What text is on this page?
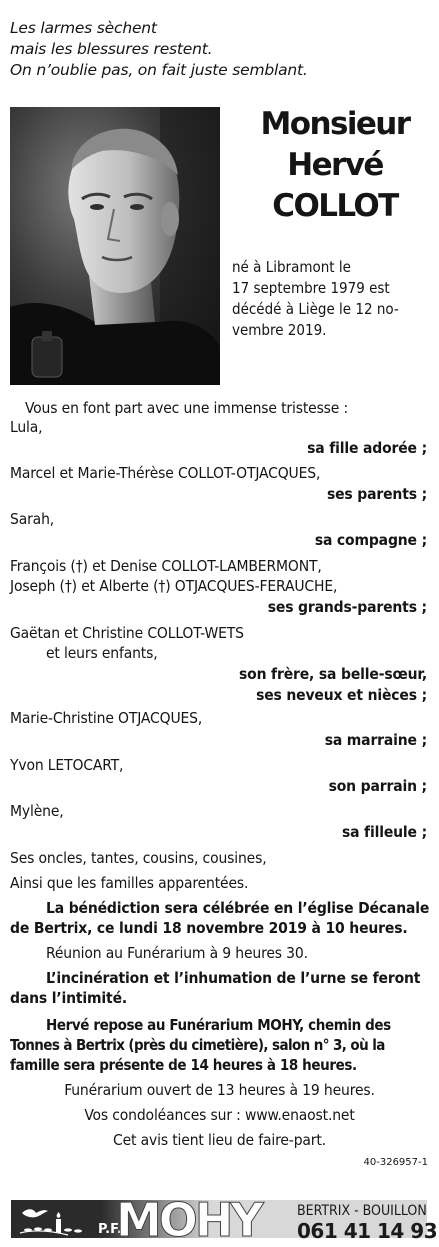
Les larmes sèchent
mais les blessures restent.
On n’oublie pas, on fait juste semblant.
Monsieur
Hervé
COLLOT
né à Libramont le
17 septembre 1979 est
décédé à Liège le 12 no-
vembre 2019.
Vous en font part avec une immense tristesse :
Lula,
sa fille adorée ;
Marcel et Marie-Thérèse COLLOT-OTJACQUES,
ses parents ;
Sarah,
sa compagne ;
François (†) et Denise COLLOT-LAMBERMONT,
Joseph (†) et Alberte (†) OTJACQUES-FERAUCHE,
ses grands-parents ;
Gaëtan et Christine COLLOT-WETS
et leurs enfants,
son frère, sa belle-sœur,
ses neveux et nièces ;
Marie-Christine OTJACQUES,
sa marraine ;
Yvon LETOCART,
son parrain ;
Mylène,
sa filleule ;
Ses oncles, tantes, cousins, cousines,
Ainsi que les familles apparentées.
La bénédiction sera célébrée en l’église Décanale
de Bertrix, ce lundi 18 novembre 2019 à 10 heures.
Réunion au Funérarium à 9 heures 30.
L’incinération et l’inhumation de l’urne se feront
dans l’intimité.
Hervé repose au Funérarium MOHY, chemin des
Tonnes à Bertrix (près du cimetière), salon n° 3, où la
famille sera présente de 14 heures à 18 heures.
Funérarium ouvert de 13 heures à 19 heures.
Vos condoléances sur : www.enaost.net
Cet avis tient lieu de faire-part.
40-326957-1
P.F.
MOHY	BERTRIX - BOUILLON
061 41 14 93
